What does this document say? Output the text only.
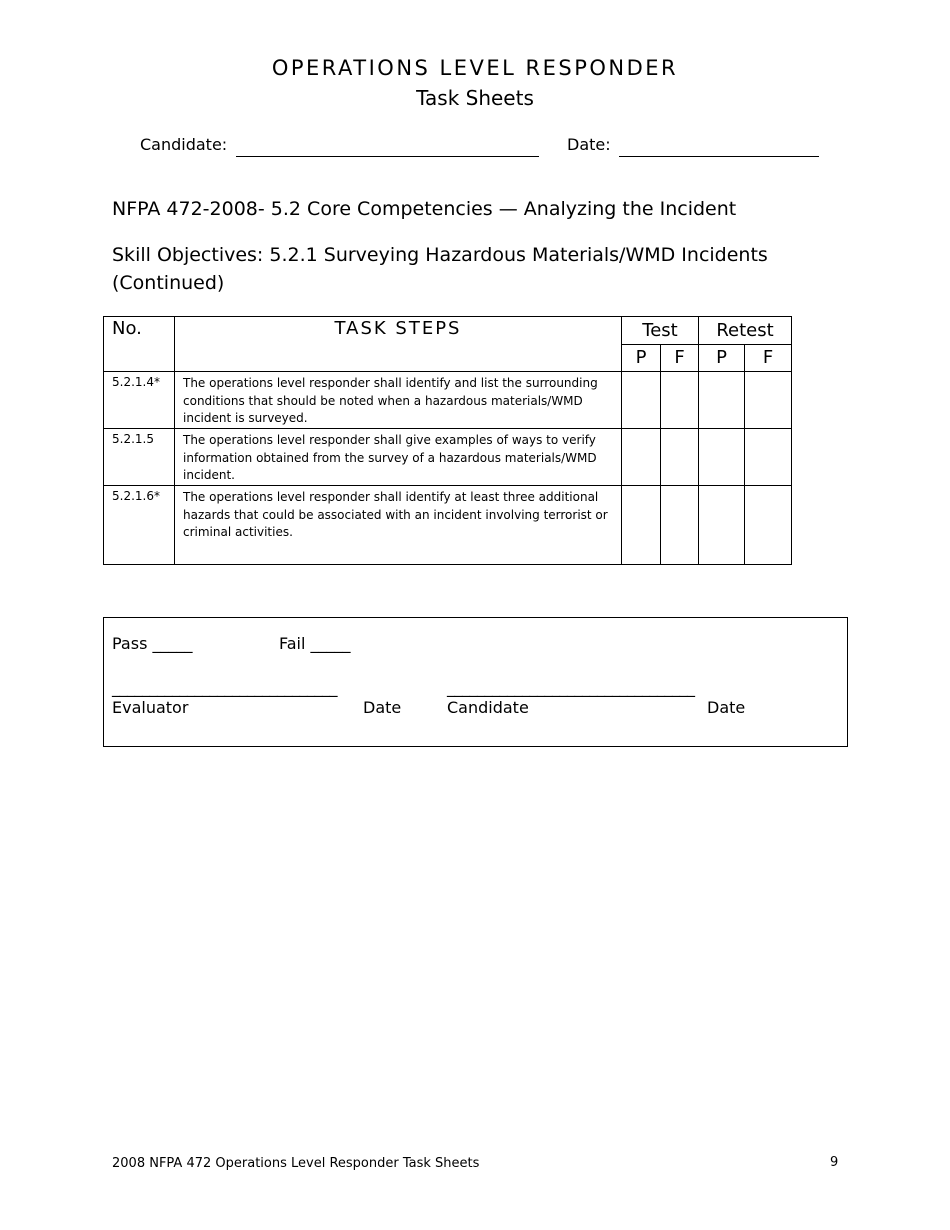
OPERATIONS LEVEL RESPONDER
Task Sheets
Candidate:	Date:
NFPA 472-2008- 5.2 Core Competencies — Analyzing the Incident
Skill Objectives: 5.2.1 Surveying Hazardous Materials/WMD Incidents
(Continued)
No.	TASK STEPS	Test		Retest	
		P	F	P	F
5.2.1.4*	The operations level responder shall identify and list the surrounding conditions that should be noted when a hazardous materials/WMD incident is surveyed.				
5.2.1.5	The operations level responder shall give examples of ways to verify information obtained from the survey of a hazardous materials/WMD incident.				
5.2.1.6*	The operations level responder shall identify at least three additional hazards that could be associated with an incident involving terrorist or criminal activities.				
Pass _____	Fail _____
______________________________	_________________________________
Evaluator	Date	Candidate	Date
2008 NFPA 472 Operations Level Responder Task Sheets	9
